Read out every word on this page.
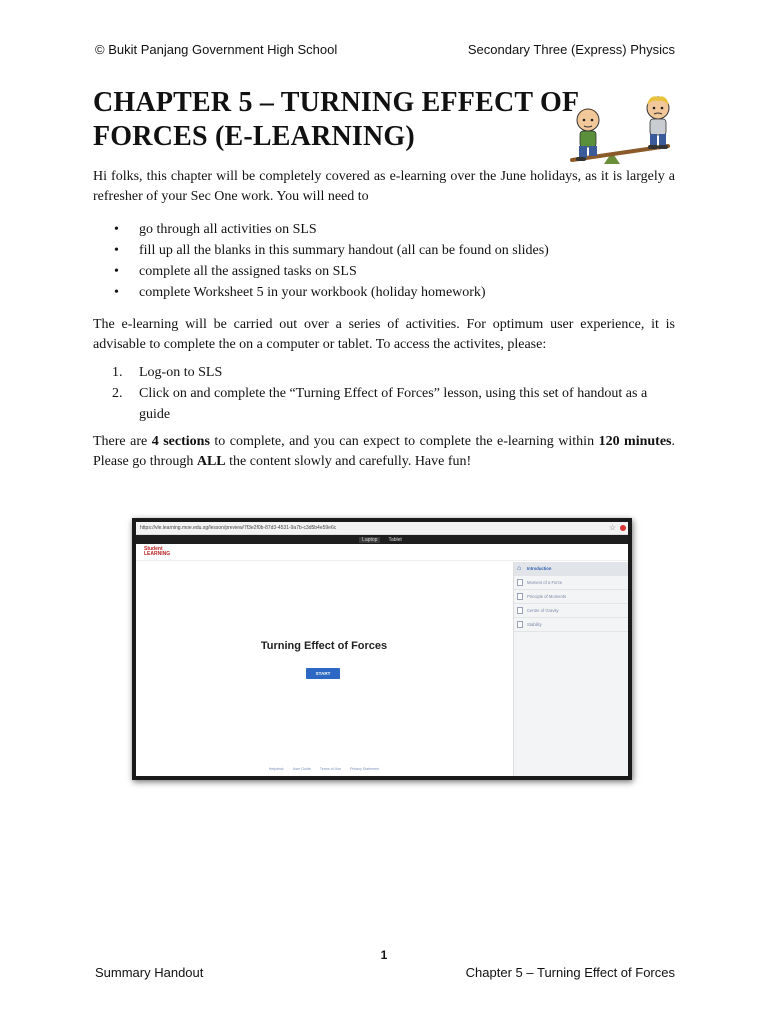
© Bukit Panjang Government High School	Secondary Three (Express) Physics
CHAPTER 5 – TURNING EFFECT OF FORCES (E-LEARNING)

Hi folks, this chapter will be completely covered as e-learning over the June holidays, as it is largely a refresher of your Sec One work. You will need to

• go through all activities on SLS
• fill up all the blanks in this summary handout (all can be found on slides)
• complete all the assigned tasks on SLS
• complete Worksheet 5 in your workbook (holiday homework)

The e-learning will be carried out over a series of activities. For optimum user experience, it is advisable to complete the on a computer or tablet. To access the activites, please:

1. Log-on to SLS
2. Click on and complete the “Turning Effect of Forces” lesson, using this set of handout as a guide

There are 4 sections to complete, and you can expect to complete the e-learning within 120 minutes. Please go through ALL the content slowly and carefully. Have fun!

https://vle.learning.moe.edu.sg/lesson/preview/7f3e2f0b-87d3-4531-9a7b-c3d5b4e59e6c	☆
Laptop	Tablet
Student
LEARNING
Turning Effect of Forces
START
Helpdesk	User Guide	Terms of Use	Privacy Statement
⌂	Introduction
Moment of a Force
Principle of Moments
Centre of Gravity
Stability
1
Summary Handout	Chapter 5 – Turning Effect of Forces
